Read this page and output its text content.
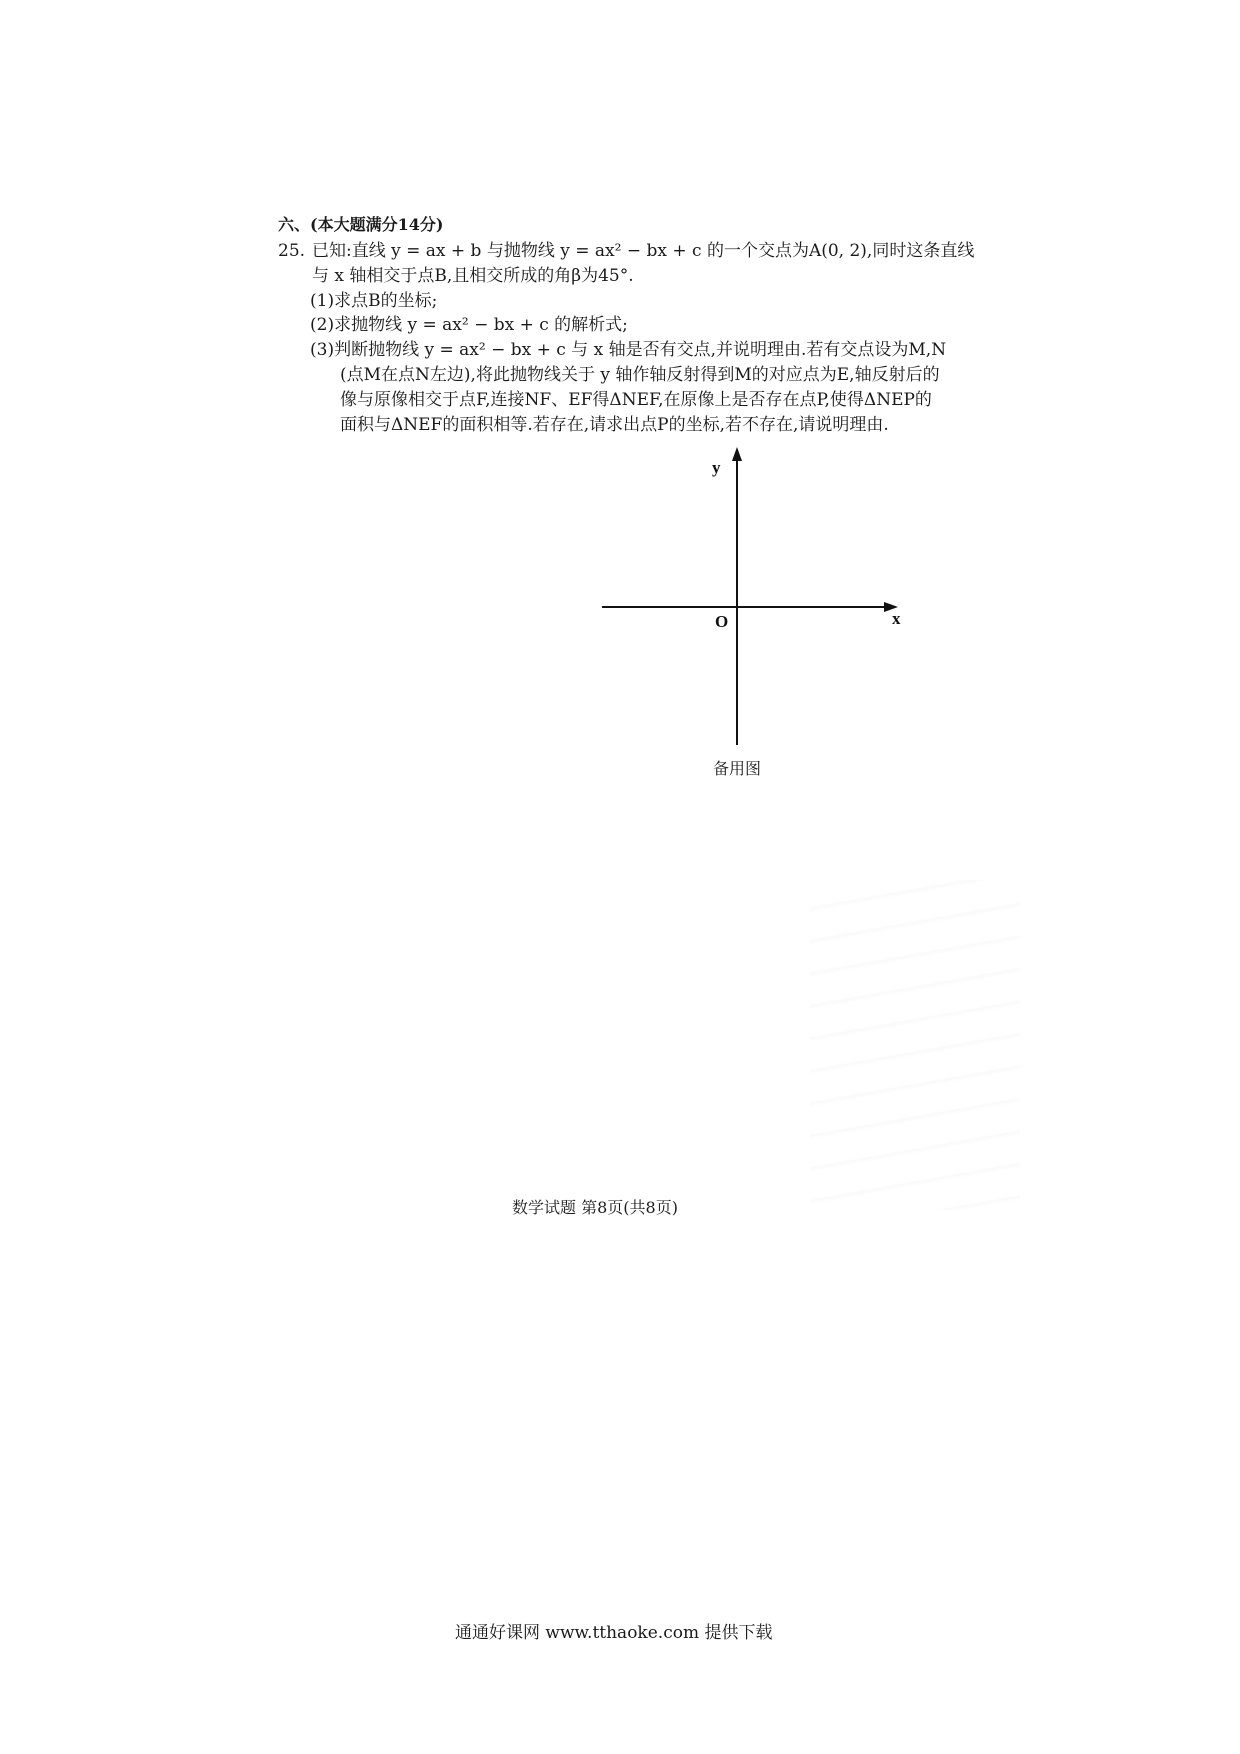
六、(本大题满分14分)
25. 已知:直线 y = ax + b 与抛物线 y = ax² − bx + c 的一个交点为A(0, 2),同时这条直线
与 x 轴相交于点B,且相交所成的角β为45°.
(1)求点B的坐标;
(2)求抛物线 y = ax² − bx + c 的解析式;
(3)判断抛物线 y = ax² − bx + c 与 x 轴是否有交点,并说明理由.若有交点设为M,N
(点M在点N左边),将此抛物线关于 y 轴作轴反射得到M的对应点为E,轴反射后的
像与原像相交于点F,连接NF、EF得ΔNEF,在原像上是否存在点P,使得ΔNEP的
面积与ΔNEF的面积相等.若存在,请求出点P的坐标,若不存在,请说明理由.
y
x
O
备用图
数学试题 第8页(共8页)
通通好课网 www.tthaoke.com 提供下载
